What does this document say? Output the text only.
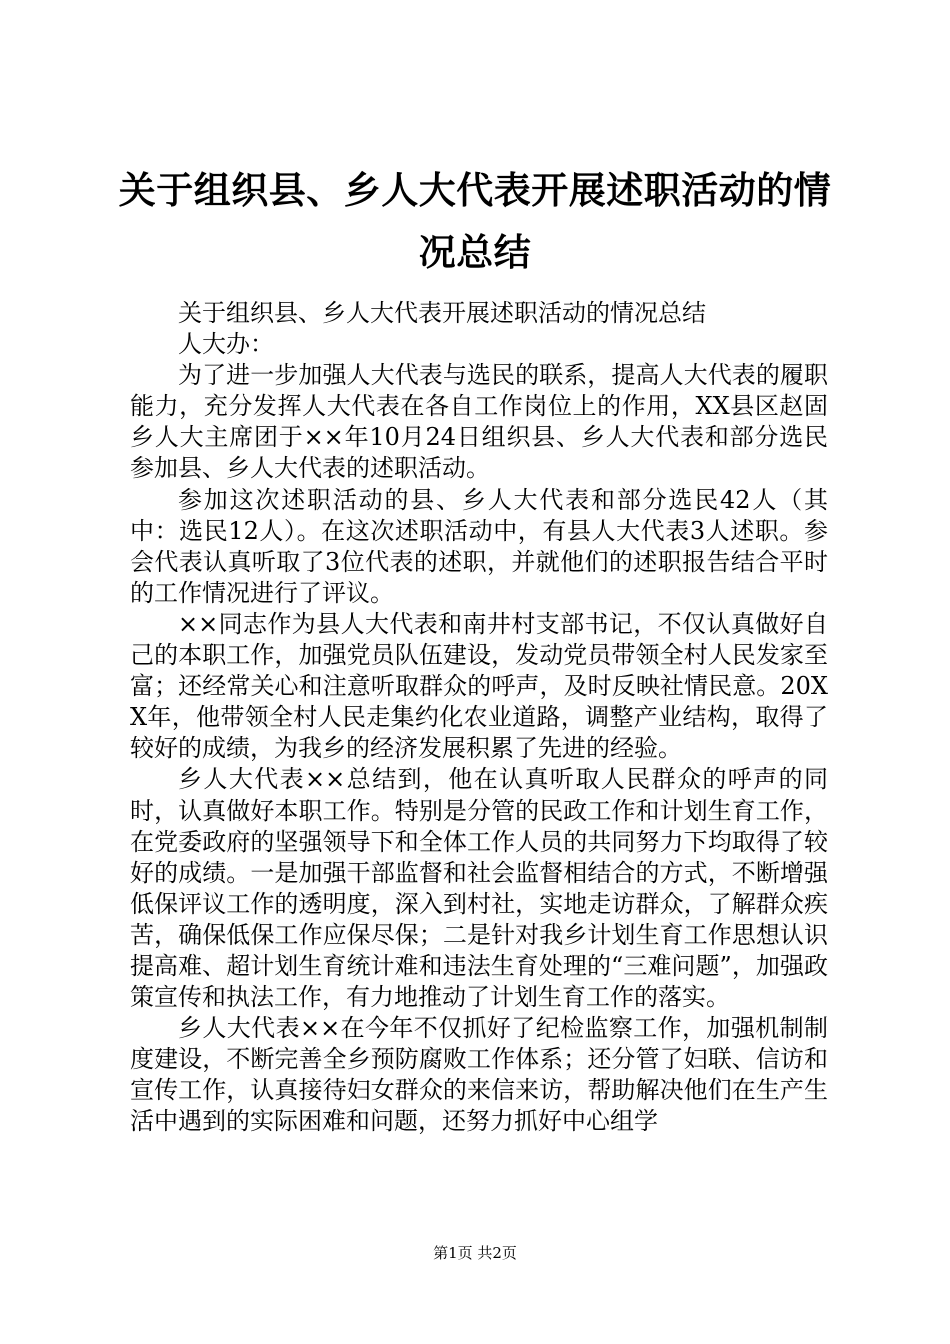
关于组织县、乡人大代表开展述职活动的情况总结

关于组织县、乡人大代表开展述职活动的情况总结

人大办：

为了进一步加强人大代表与选民的联系，提高人大代表的履职能力，充分发挥人大代表在各自工作岗位上的作用，XX县区赵固乡人大主席团于××年10月24日组织县、乡人大代表和部分选民参加县、乡人大代表的述职活动。

参加这次述职活动的县、乡人大代表和部分选民42人（其中：选民12人）。在这次述职活动中，有县人大代表3人述职。参会代表认真听取了3位代表的述职，并就他们的述职报告结合平时的工作情况进行了评议。

××同志作为县人大代表和南井村支部书记，不仅认真做好自己的本职工作，加强党员队伍建设，发动党员带领全村人民发家至富；还经常关心和注意听取群众的呼声，及时反映社情民意。20XX年，他带领全村人民走集约化农业道路，调整产业结构，取得了较好的成绩，为我乡的经济发展积累了先进的经验。

乡人大代表××总结到，他在认真听取人民群众的呼声的同时，认真做好本职工作。特别是分管的民政工作和计划生育工作，在党委政府的坚强领导下和全体工作人员的共同努力下均取得了较好的成绩。一是加强干部监督和社会监督相结合的方式，不断增强低保评议工作的透明度，深入到村社，实地走访群众，了解群众疾苦，确保低保工作应保尽保；二是针对我乡计划生育工作思想认识提高难、超计划生育统计难和违法生育处理的“三难问题”，加强政策宣传和执法工作，有力地推动了计划生育工作的落实。

乡人大代表××在今年不仅抓好了纪检监察工作，加强机制制度建设，不断完善全乡预防腐败工作体系；还分管了妇联、信访和宣传工作，认真接待妇女群众的来信来访，帮助解决他们在生产生活中遇到的实际困难和问题，还努力抓好中心组学

第1页 共2页
